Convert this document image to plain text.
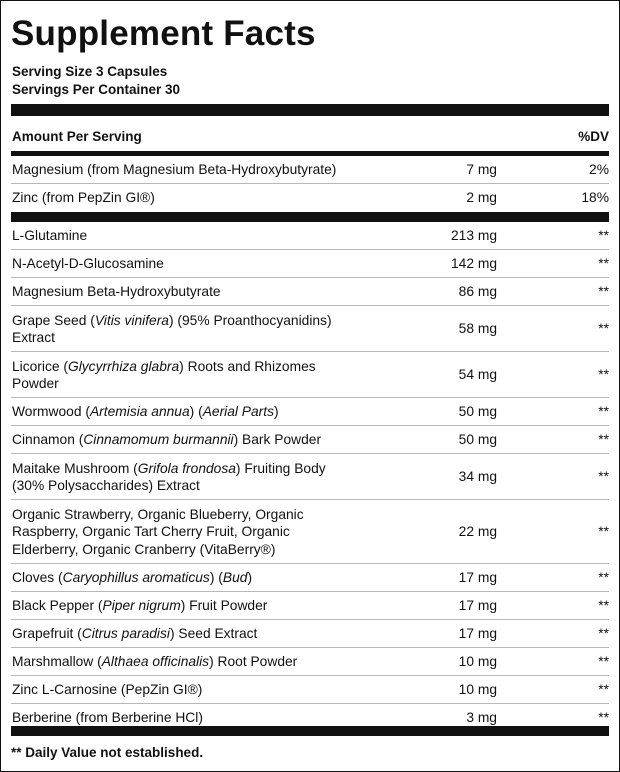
Supplement Facts
Serving Size 3 Capsules
Servings Per Container 30
Amount Per Serving	%DV
Magnesium (from Magnesium Beta-Hydroxybutyrate)	7 mg	2%
Zinc (from PepZin GI®)	2 mg	18%
L-Glutamine	213 mg	**
N-Acetyl-D-Glucosamine	142 mg	**
Magnesium Beta-Hydroxybutyrate	86 mg	**
Grape Seed (Vitis vinifera) (95% Proanthocyanidins)
Extract
58 mg	**
Licorice (Glycyrrhiza glabra) Roots and Rhizomes
Powder
54 mg	**
Wormwood (Artemisia annua) (Aerial Parts)	50 mg	**
Cinnamon (Cinnamomum burmannii) Bark Powder	50 mg	**
Maitake Mushroom (Grifola frondosa) Fruiting Body
(30% Polysaccharides) Extract
34 mg	**
Organic Strawberry, Organic Blueberry, Organic
Raspberry, Organic Tart Cherry Fruit, Organic
Elderberry, Organic Cranberry (VitaBerry®)
22 mg	**
Cloves (Caryophillus aromaticus) (Bud)	17 mg	**
Black Pepper (Piper nigrum) Fruit Powder	17 mg	**
Grapefruit (Citrus paradisi) Seed Extract	17 mg	**
Marshmallow (Althaea officinalis) Root Powder	10 mg	**
Zinc L-Carnosine (PepZin GI®)	10 mg	**
Berberine (from Berberine HCl)	3 mg	**
** Daily Value not established.
